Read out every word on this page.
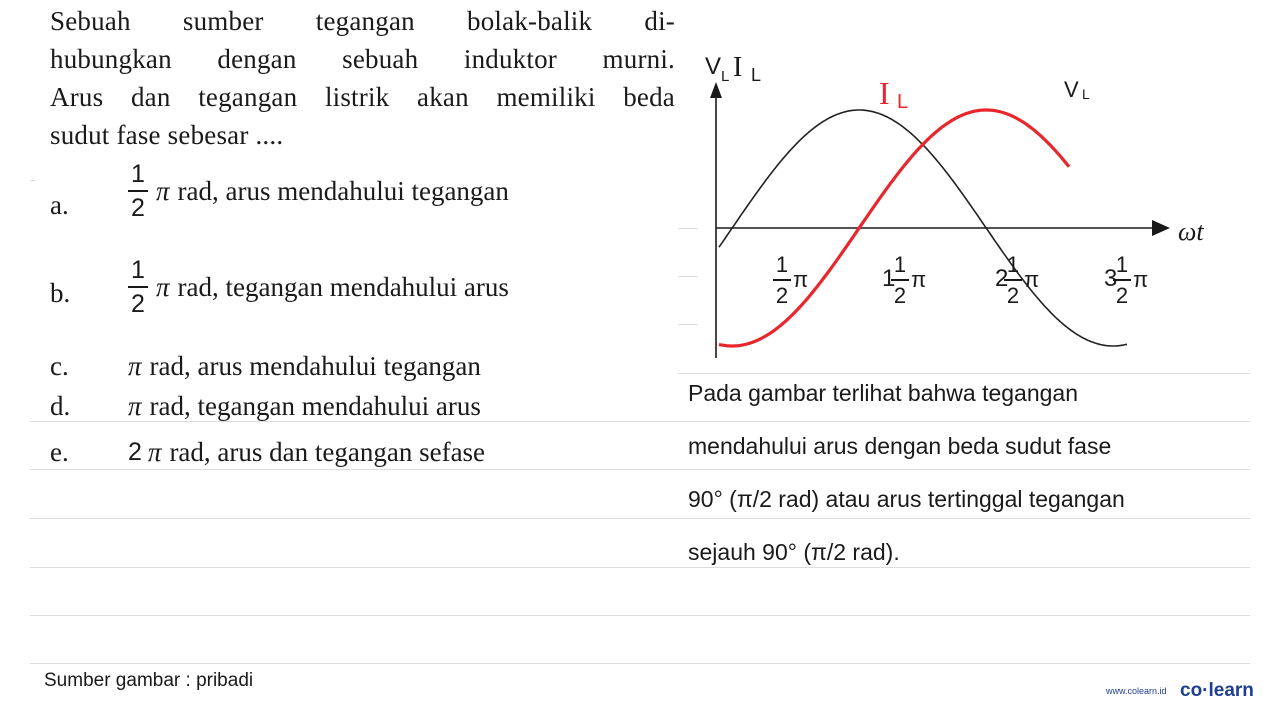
Sebuah sumber tegangan bolak-balik di-
hubungkan dengan sebuah induktor murni.
Arus dan tegangan listrik akan memiliki beda
sudut fase sebesar ....
a. $\frac{1}{2}$ π rad, arus mendahului tegangan
b. $\frac{1}{2}$ π rad, tegangan mendahului arus
c. π rad, arus mendahului tegangan
d. π rad, tegangan mendahului arus
e. 2 π rad, arus dan tegangan sefase
V L I L
V L
I L
ωt
1
2
π	1
1
2
π	2
1
2
π	3
1
2
π
Pada gambar terlihat bahwa tegangan
mendahului arus dengan beda sudut fase
90° (π/2 rad) atau arus tertinggal tegangan
sejauh 90° (π/2 rad).
Sumber gambar : pribadi	www.colearn.id co·learn
